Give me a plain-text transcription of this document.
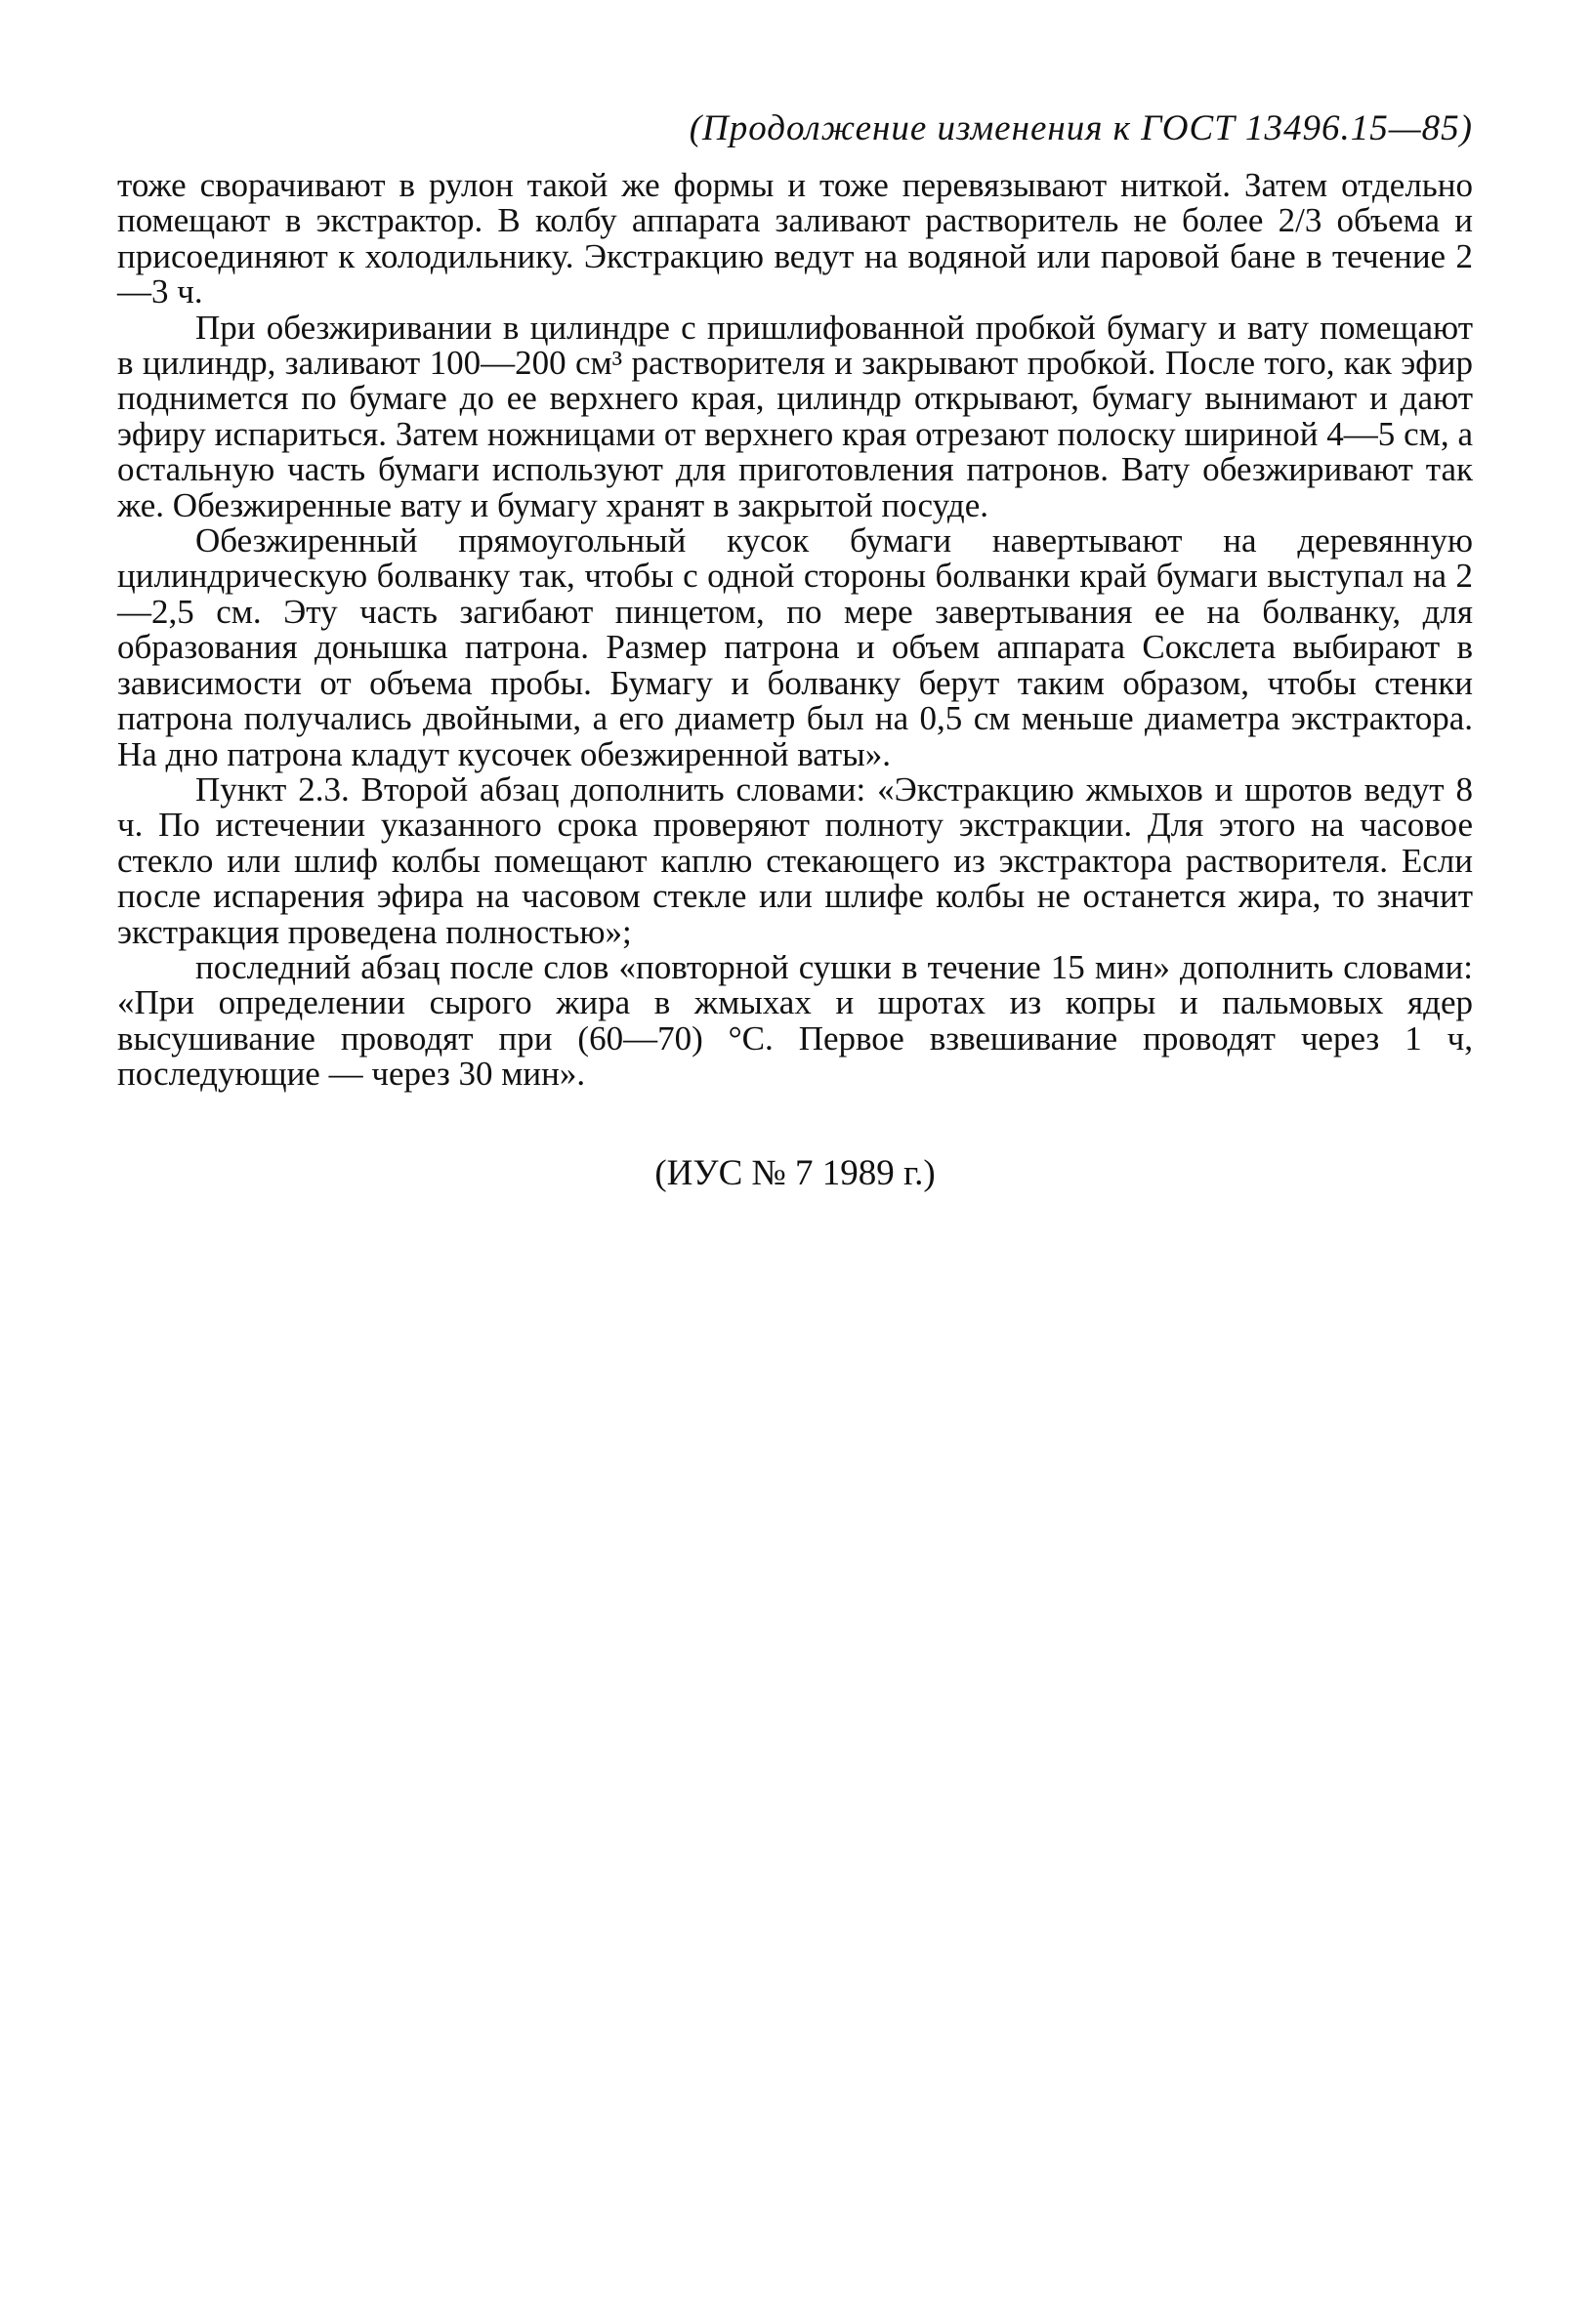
(Продолжение изменения к ГОСТ 13496.15—85)

тоже сворачивают в рулон такой же формы и тоже перевязывают ниткой. Затем отдельно помещают в экстрактор. В колбу аппарата заливают растворитель не более 2/3 объема и присоединяют к холодильнику. Экстракцию ведут на водяной или паровой бане в течение 2—3 ч.

При обезжиривании в цилиндре с пришлифованной пробкой бумагу и вату помещают в цилиндр, заливают 100—200 см³ растворителя и закрывают пробкой. После того, как эфир поднимется по бумаге до ее верхнего края, цилиндр открывают, бумагу вынимают и дают эфиру испариться. Затем ножницами от верхнего края отрезают полоску шириной 4—5 см, а остальную часть бумаги используют для приготовления патронов. Вату обезжиривают так же. Обезжиренные вату и бумагу хранят в закрытой посуде.

Обезжиренный прямоугольный кусок бумаги навертывают на деревянную цилиндрическую болванку так, чтобы с одной стороны болванки край бумаги выступал на 2—2,5 см. Эту часть загибают пинцетом, по мере завертывания ее на болванку, для образования донышка патрона. Размер патрона и объем аппарата Сокслета выбирают в зависимости от объема пробы. Бумагу и болванку берут таким образом, чтобы стенки патрона получались двойными, а его диаметр был на 0,5 см меньше диаметра экстрактора. На дно патрона кладут кусочек обезжиренной ваты».

Пункт 2.3. Второй абзац дополнить словами: «Экстракцию жмыхов и шротов ведут 8 ч. По истечении указанного срока проверяют полноту экстракции. Для этого на часовое стекло или шлиф колбы помещают каплю стекающего из экстрактора растворителя. Если после испарения эфира на часовом стекле или шлифе колбы не останется жира, то значит экстракция проведена полностью»;

последний абзац после слов «повторной сушки в течение 15 мин» дополнить словами: «При определении сырого жира в жмыхах и шротах из копры и пальмовых ядер высушивание проводят при (60—70) °С. Первое взвешивание проводят через 1 ч, последующие — через 30 мин».

(ИУС № 7 1989 г.)
